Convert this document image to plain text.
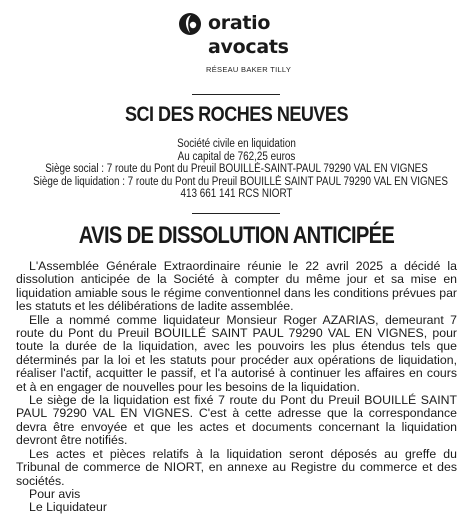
oratio
avocats
RÉSEAU BAKER TILLY
SCI DES ROCHES NEUVES
Société civile en liquidation
Au capital de 762,25 euros
Siège social : 7 route du Pont du Preuil BOUILLÉ-SAINT-PAUL 79290 VAL EN VIGNES
Siège de liquidation : 7 route du Pont du Preuil BOUILLÉ SAINT PAUL 79290 VAL EN VIGNES
413 661 141 RCS NIORT
AVIS DE DISSOLUTION ANTICIPÉE

L'Assemblée Générale Extraordinaire réunie le 22 avril 2025 a décidé la dissolution anticipée de la Société à compter du même jour et sa mise en liquidation amiable sous le régime conventionnel dans les conditions prévues par les statuts et les délibérations de ladite assemblée.

Elle a nommé comme liquidateur Monsieur Roger AZARIAS, demeurant 7 route du Pont du Preuil BOUILLÉ SAINT PAUL 79290 VAL EN VIGNES, pour toute la durée de la liquidation, avec les pouvoirs les plus étendus tels que déterminés par la loi et les statuts pour procéder aux opérations de liquidation, réaliser l'actif, acquitter le passif, et l'a autorisé à continuer les affaires en cours et à en engager de nouvelles pour les besoins de la liquidation.

Le siège de la liquidation est fixé 7 route du Pont du Preuil BOUILLÉ SAINT PAUL 79290 VAL EN VIGNES. C'est à cette adresse que la correspondance devra être envoyée et que les actes et documents concernant la liquidation devront être notifiés.

Les actes et pièces relatifs à la liquidation seront déposés au greffe du Tribunal de commerce de NIORT, en annexe au Registre du commerce et des sociétés.

Pour avis

Le Liquidateur
